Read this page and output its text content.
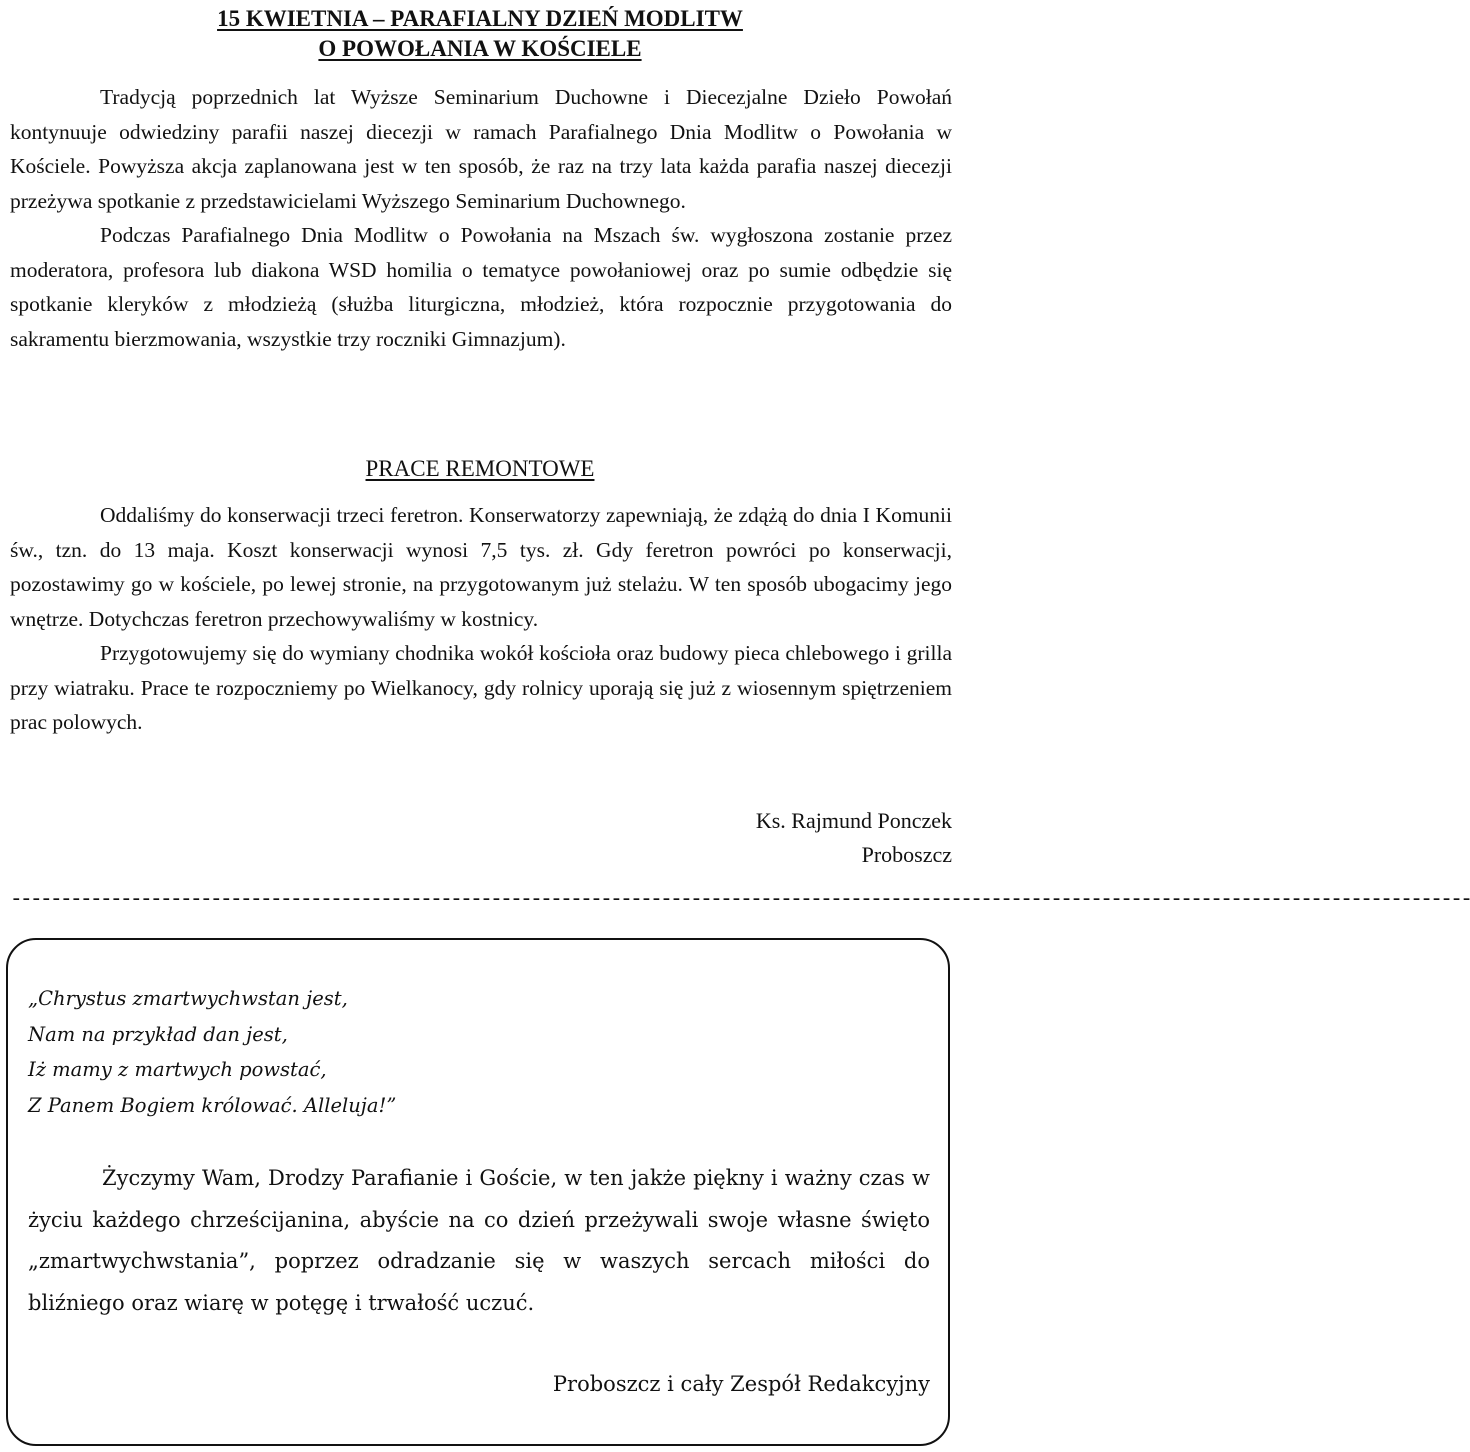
15 KWIETNIA – PARAFIALNY DZIEŃ MODLITW
O POWOŁANIA W KOŚCIELE

Tradycją poprzednich lat Wyższe Seminarium Duchowne i Diecezjalne Dzieło Powołań kontynuuje odwiedziny parafii naszej diecezji w ramach Parafialnego Dnia Modlitw o Powołania w Kościele. Powyższa akcja zaplanowana jest w ten sposób, że raz na trzy lata każda parafia naszej diecezji przeżywa spotkanie z przedstawicielami Wyższego Seminarium Duchownego.

Podczas Parafialnego Dnia Modlitw o Powołania na Mszach św. wygłoszona zostanie przez moderatora, profesora lub diakona WSD homilia o tematyce powołaniowej oraz po sumie odbędzie się spotkanie kleryków z młodzieżą (służba liturgiczna, młodzież, która rozpocznie przygotowania do sakramentu bierzmowania, wszystkie trzy roczniki Gimnazjum).

PRACE REMONTOWE

Oddaliśmy do konserwacji trzeci feretron. Konserwatorzy zapewniają, że zdążą do dnia I Komunii św., tzn. do 13 maja. Koszt konserwacji wynosi 7,5 tys. zł. Gdy feretron powróci po konserwacji, pozostawimy go w kościele, po lewej stronie, na przygotowanym już stelażu. W ten sposób ubogacimy jego wnętrze. Dotychczas feretron przechowywaliśmy w kostnicy.

Przygotowujemy się do wymiany chodnika wokół kościoła oraz budowy pieca chlebowego i grilla przy wiatraku. Prace te rozpoczniemy po Wielkanocy, gdy rolnicy uporają się już z wiosennym spiętrzeniem prac polowych.

Ks. Rajmund Ponczek
Proboszcz
--------------------------------------------------------------------------------------------------------------------------------------------------
„Chrystus zmartwychwstan jest,
Nam na przykład dan jest,
Iż mamy z martwych powstać,
Z Panem Bogiem królować. Alleluja!”

Życzymy Wam, Drodzy Parafianie i Goście, w ten jakże piękny i ważny czas w życiu każdego chrześcijanina, abyście na co dzień przeżywali swoje własne święto „zmartwychwstania”, poprzez odradzanie się w waszych sercach miłości do bliźniego oraz wiarę w potęgę i trwałość uczuć.

Proboszcz i cały Zespół Redakcyjny
